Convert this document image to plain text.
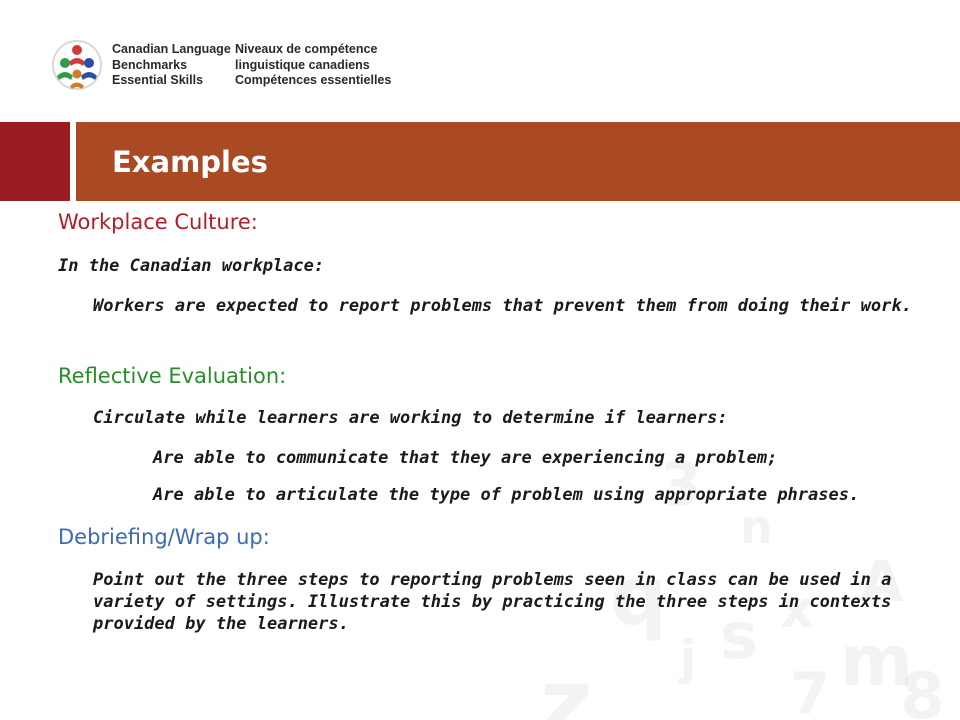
Canadian Language
Benchmarks
Essential Skills
Niveaux de compétence
linguistique canadiens
Compétences essentielles
Examples
Workplace Culture:
In the Canadian workplace:
Workers are expected to report problems that prevent them from doing their work.
Reflective Evaluation:
Circulate while learners are working to determine if learners:
Are able to communicate that they are experiencing a problem;
Are able to articulate the type of problem using appropriate phrases.
Debriefing/Wrap up:
Point out the three steps to reporting problems seen in class can be used in a variety of settings. Illustrate this by practicing the three steps in contexts provided by the learners.
